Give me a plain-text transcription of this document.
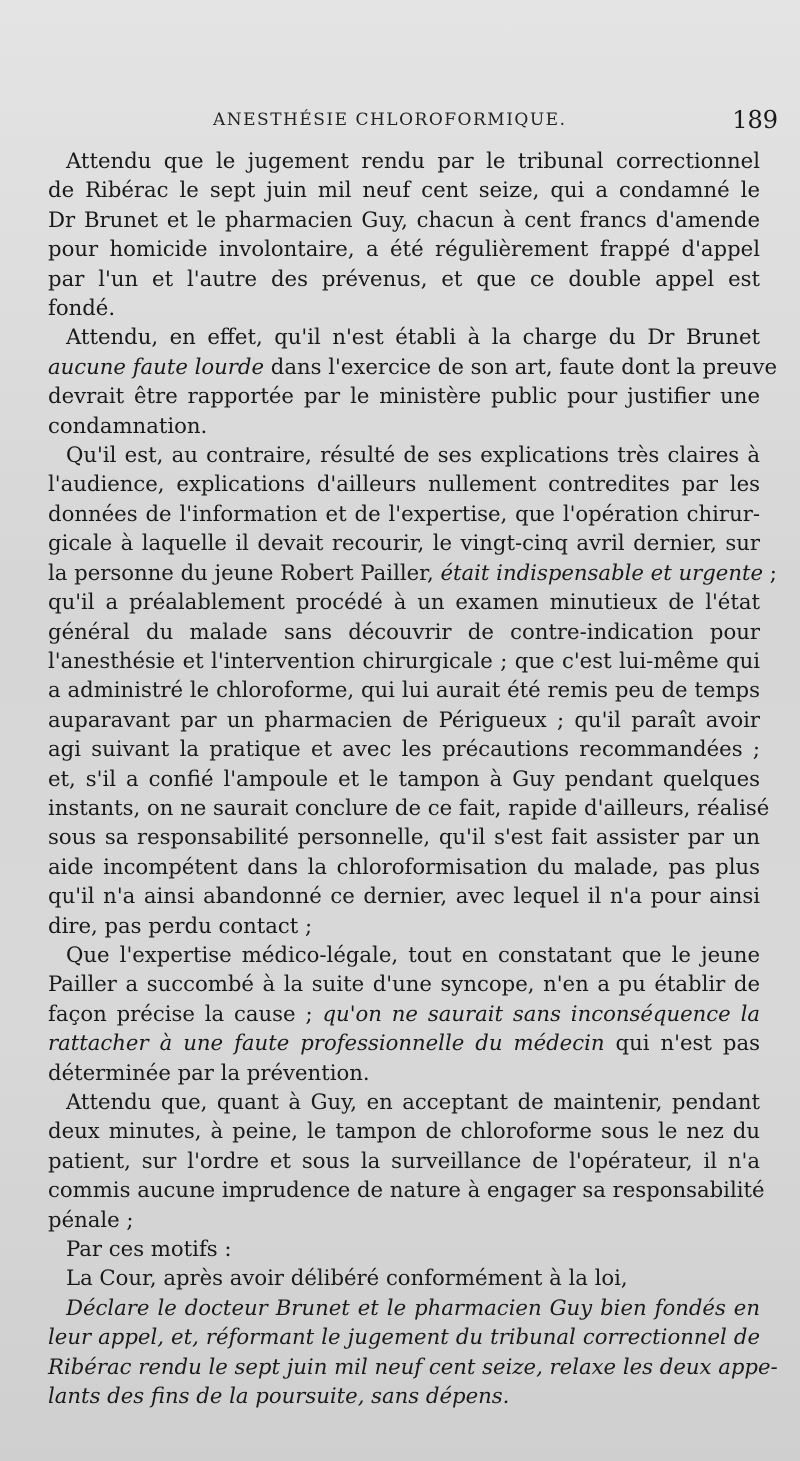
ANESTHÉSIE CHLOROFORMIQUE.	189
Attendu que le jugement rendu par le tribunal correctionnel
de Ribérac le sept juin mil neuf cent seize, qui a condamné le
Dr Brunet et le pharmacien Guy, chacun à cent francs d'amende
pour homicide involontaire, a été régulièrement frappé d'appel
par l'un et l'autre des prévenus, et que ce double appel est
fondé.
Attendu, en effet, qu'il n'est établi à la charge du Dr Brunet
aucune faute lourde dans l'exercice de son art, faute dont la preuve
devrait être rapportée par le ministère public pour justifier une
condamnation.
Qu'il est, au contraire, résulté de ses explications très claires à
l'audience, explications d'ailleurs nullement contredites par les
données de l'information et de l'expertise, que l'opération chirur-
gicale à laquelle il devait recourir, le vingt-cinq avril dernier, sur
la personne du jeune Robert Pailler, était indispensable et urgente ;
qu'il a préalablement procédé à un examen minutieux de l'état
général du malade sans découvrir de contre-indication pour
l'anesthésie et l'intervention chirurgicale ; que c'est lui-même qui
a administré le chloroforme, qui lui aurait été remis peu de temps
auparavant par un pharmacien de Périgueux ; qu'il paraît avoir
agi suivant la pratique et avec les précautions recommandées ;
et, s'il a confié l'ampoule et le tampon à Guy pendant quelques
instants, on ne saurait conclure de ce fait, rapide d'ailleurs, réalisé
sous sa responsabilité personnelle, qu'il s'est fait assister par un
aide incompétent dans la chloroformisation du malade, pas plus
qu'il n'a ainsi abandonné ce dernier, avec lequel il n'a pour ainsi
dire, pas perdu contact ;
Que l'expertise médico-légale, tout en constatant que le jeune
Pailler a succombé à la suite d'une syncope, n'en a pu établir de
façon précise la cause ; qu'on ne saurait sans inconséquence la
rattacher à une faute professionnelle du médecin qui n'est pas
déterminée par la prévention.
Attendu que, quant à Guy, en acceptant de maintenir, pendant
deux minutes, à peine, le tampon de chloroforme sous le nez du
patient, sur l'ordre et sous la surveillance de l'opérateur, il n'a
commis aucune imprudence de nature à engager sa responsabilité
pénale ;
Par ces motifs :
La Cour, après avoir délibéré conformément à la loi,
Déclare le docteur Brunet et le pharmacien Guy bien fondés en
leur appel, et, réformant le jugement du tribunal correctionnel de
Ribérac rendu le sept juin mil neuf cent seize, relaxe les deux appe-
lants des fins de la poursuite, sans dépens.
